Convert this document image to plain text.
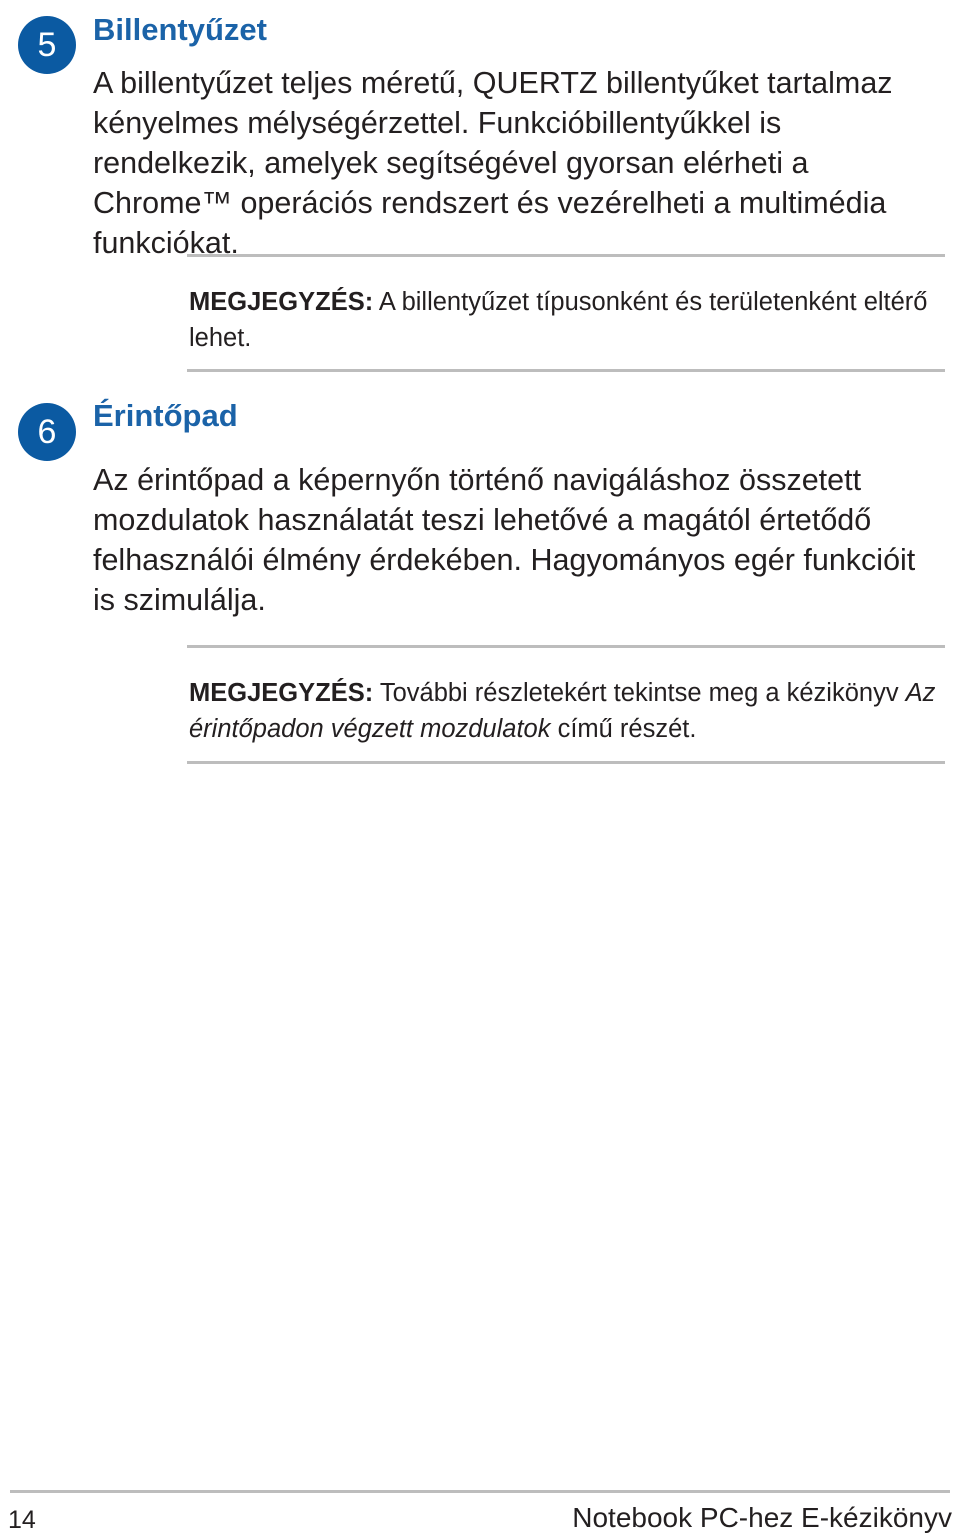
5	Billentyűzet

A billentyűzet teljes méretű, QUERTZ billentyűket tartalmaz kényelmes mélységérzettel. Funkcióbillentyűkkel is rendelkezik, amelyek segítségével gyorsan elérheti a Chrome™ operációs rendszert és vezérelheti a multimédia funkciókat.

MEGJEGYZÉS: A billentyűzet típusonként és területenként eltérő lehet.
6	Érintőpad

Az érintőpad a képernyőn történő navigáláshoz összetett mozdulatok használatát teszi lehetővé a magától értetődő felhasználói élmény érdekében. Hagyományos egér funkcióit is szimulálja.

MEGJEGYZÉS: További részletekért tekintse meg a kézikönyv Az érintőpadon végzett mozdulatok című részét.
14	Notebook PC-hez E-kézikönyv
